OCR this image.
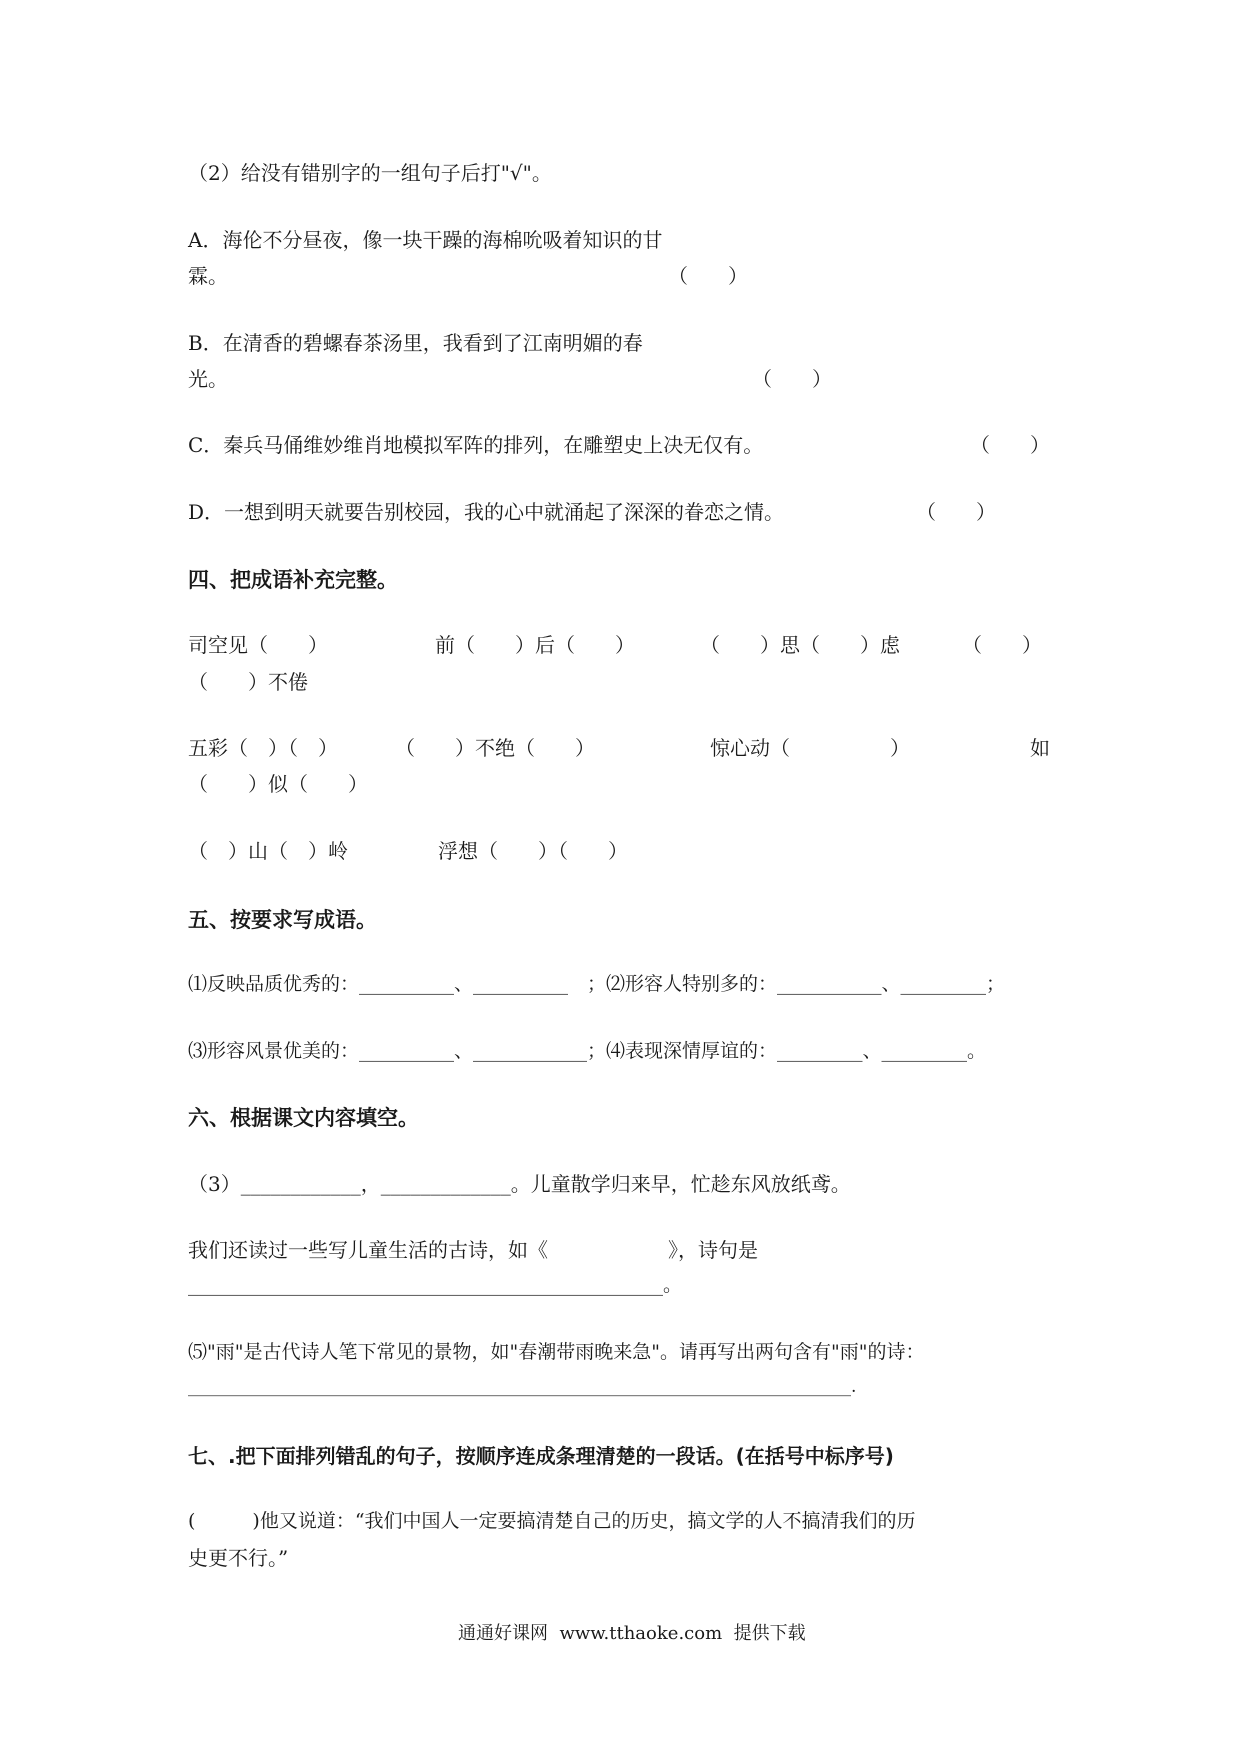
（2）给没有错别字的一组句子后打"√"。
A．海伦不分昼夜，像一块干躁的海棉吮吸着知识的甘
霖。	（　　）
B．在清香的碧螺春茶汤里，我看到了江南明媚的春
光。	（　　）
C．秦兵马俑维妙维肖地模拟军阵的排列，在雕塑史上决无仅有。	（　　）
D．一想到明天就要告别校园，我的心中就涌起了深深的眷恋之情。	（　　）
四、把成语补充完整。
司空见（　　）	前（　　）后（　　）	（　　）思（　　）虑	（　　）
（　　）不倦
五彩（　）（　）	（　　）不绝（　　）	惊心动（　　　　　）	如
（　　）似（　　）
（　）山（　）岭	浮想（　　）（　　）
五、按要求写成语。
⑴反映品质优秀的：__________、__________　；⑵形容人特别多的：___________、_________；
⑶形容风景优美的：__________、____________；⑷表现深情厚谊的：_________、_________。
六、根据课文内容填空。
（3）____________，_____________。儿童散学归来早，忙趁东风放纸鸢。
我们还读过一些写儿童生活的古诗，如《　　　　　　》，诗句是
__________________________________________________。
⑸"雨"是古代诗人笔下常见的景物，如"春潮带雨晚来急"。请再写出两句含有"雨"的诗：
______________________________________________________________________________.
七、.把下面排列错乱的句子，按顺序连成条理清楚的一段话。(在括号中标序号)
(　　　)他又说道：“我们中国人一定要搞清楚自己的历史，搞文学的人不搞清我们的历
史更不行。”
通通好课网  www.tthaoke.com  提供下载
